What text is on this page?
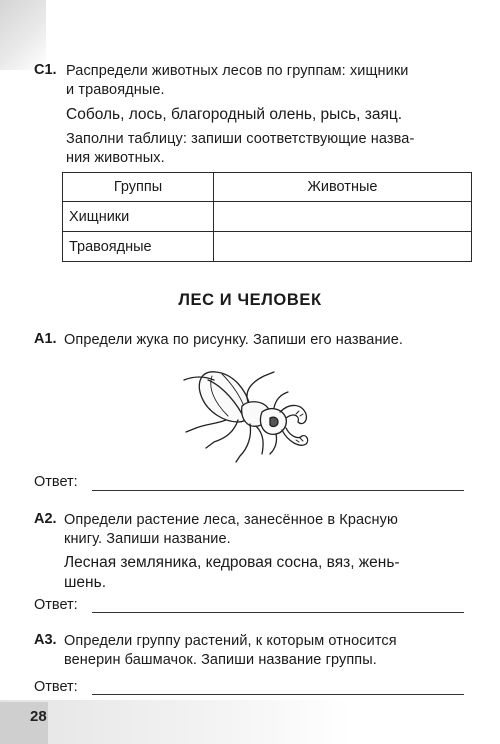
28
С1. Распредели животных лесов по группам: хищники
и травоядные.
Соболь, лось, благородный олень, рысь, заяц.
Заполни таблицу: запиши соответствующие назва-
ния животных.
Группы	Животные
Хищники	
Травоядные	
ЛЕС И ЧЕЛОВЕК
А1. Определи жука по рисунку. Запиши его название.
Ответ:
А2. Определи растение леса, занесённое в Красную
книгу. Запиши название.
Лесная земляника, кедровая сосна, вяз, жень-
шень.
Ответ:
А3. Определи группу растений, к которым относится
венерин башмачок. Запиши название группы.
Ответ:
